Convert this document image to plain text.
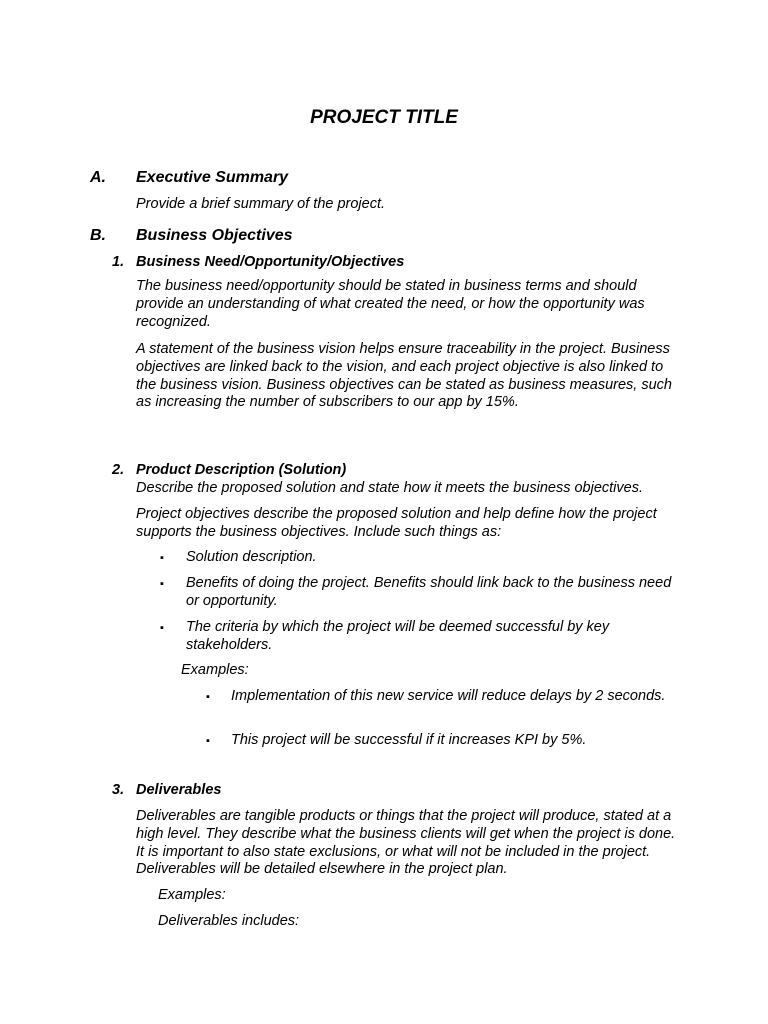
PROJECT TITLE
A. Executive Summary
Provide a brief summary of the project.
B. Business Objectives
1. Business Need/Opportunity/Objectives
The business need/opportunity should be stated in business terms and should provide an understanding of what created the need, or how the opportunity was recognized.
A statement of the business vision helps ensure traceability in the project. Business objectives are linked back to the vision, and each project objective is also linked to the business vision. Business objectives can be stated as business measures, such as increasing the number of subscribers to our app by 15%.
2. Product Description (Solution)
Describe the proposed solution and state how it meets the business objectives.
Project objectives describe the proposed solution and help define how the project supports the business objectives. Include such things as:
▪ Solution description.
▪ Benefits of doing the project. Benefits should link back to the business need or opportunity.
▪ The criteria by which the project will be deemed successful by key stakeholders.
Examples:
▪ Implementation of this new service will reduce delays by 2 seconds.
▪ This project will be successful if it increases KPI by 5%.
3. Deliverables
Deliverables are tangible products or things that the project will produce, stated at a high level. They describe what the business clients will get when the project is done. It is important to also state exclusions, or what will not be included in the project. Deliverables will be detailed elsewhere in the project plan.
Examples:
Deliverables includes:
